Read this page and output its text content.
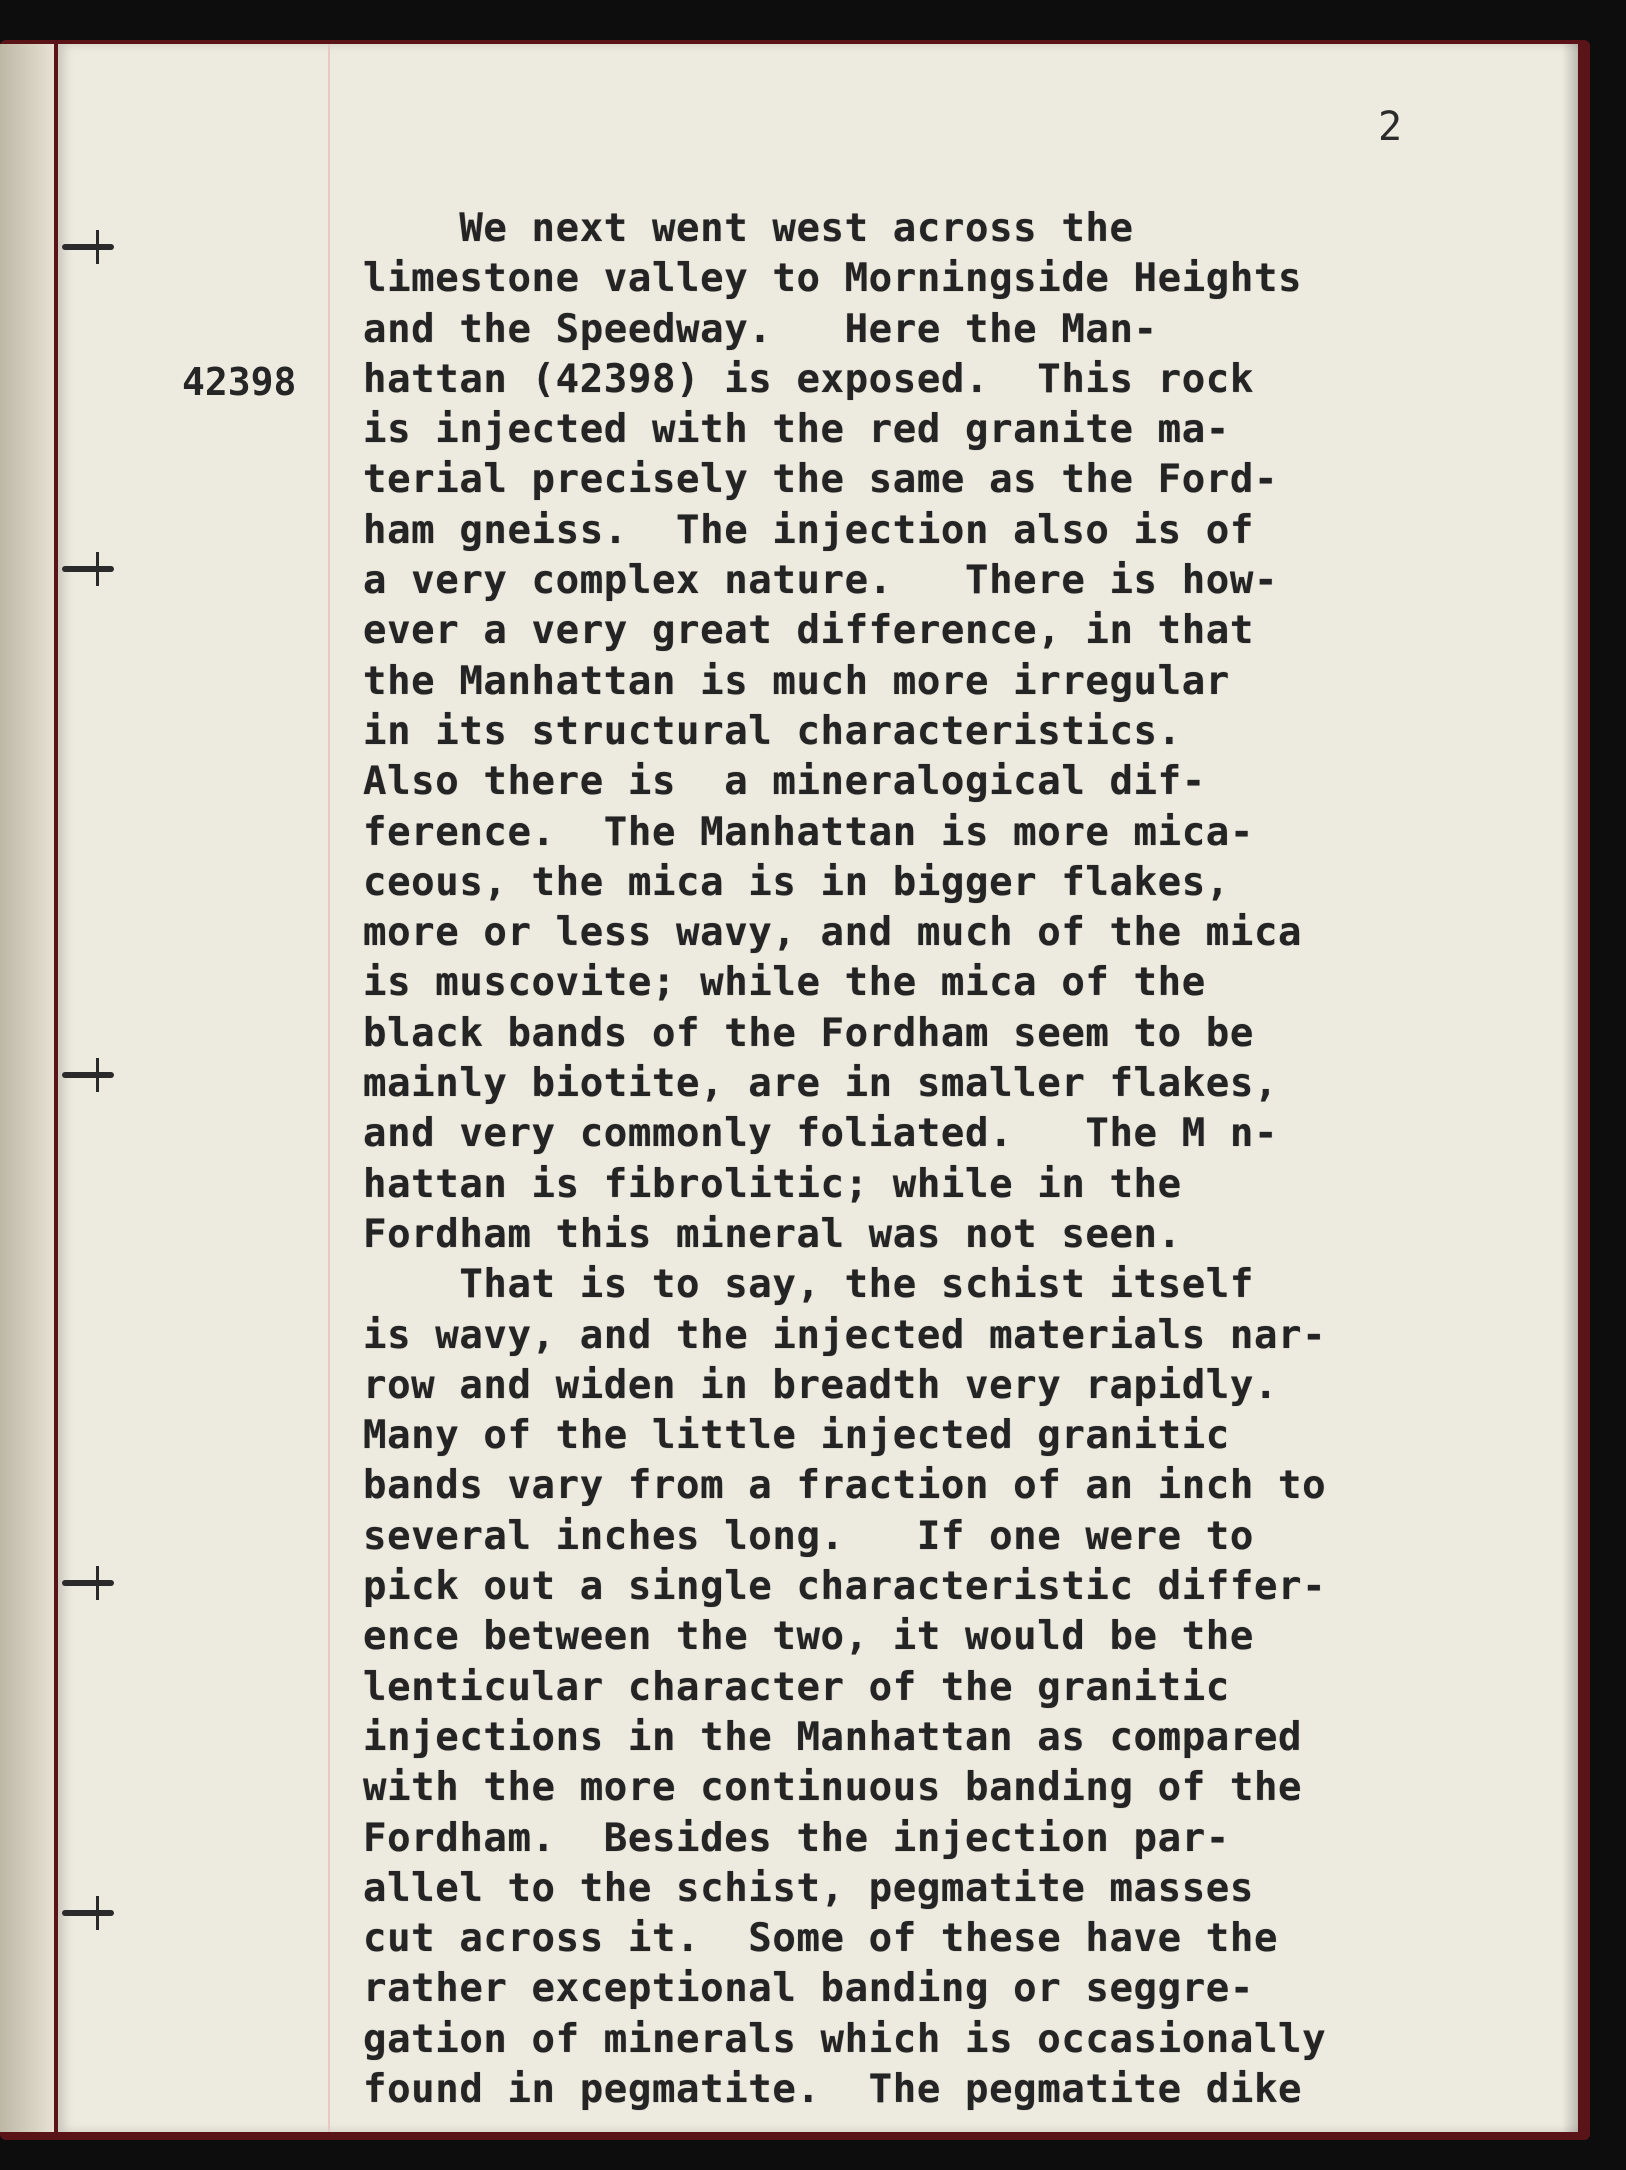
2

42398

We next went west across the
limestone valley to Morningside Heights
and the Speedway.   Here the Man-
hattan (42398) is exposed.  This rock
is injected with the red granite ma-
terial precisely the same as the Ford-
ham gneiss.  The injection also is of
a very complex nature.   There is how-
ever a very great difference, in that
the Manhattan is much more irregular
in its structural characteristics.
Also there is  a mineralogical dif-
ference.  The Manhattan is more mica-
ceous, the mica is in bigger flakes,
more or less wavy, and much of the mica
is muscovite; while the mica of the
black bands of the Fordham seem to be
mainly biotite, are in smaller flakes,
and very commonly foliated.   The M n-
hattan is fibrolitic; while in the
Fordham this mineral was not seen.
That is to say, the schist itself
is wavy, and the injected materials nar-
row and widen in breadth very rapidly.
Many of the little injected granitic
bands vary from a fraction of an inch to
several inches long.   If one were to
pick out a single characteristic differ-
ence between the two, it would be the
lenticular character of the granitic
injections in the Manhattan as compared
with the more continuous banding of the
Fordham.  Besides the injection par-
allel to the schist, pegmatite masses
cut across it.  Some of these have the
rather exceptional banding or seggre-
gation of minerals which is occasionally
found in pegmatite.  The pegmatite dike
